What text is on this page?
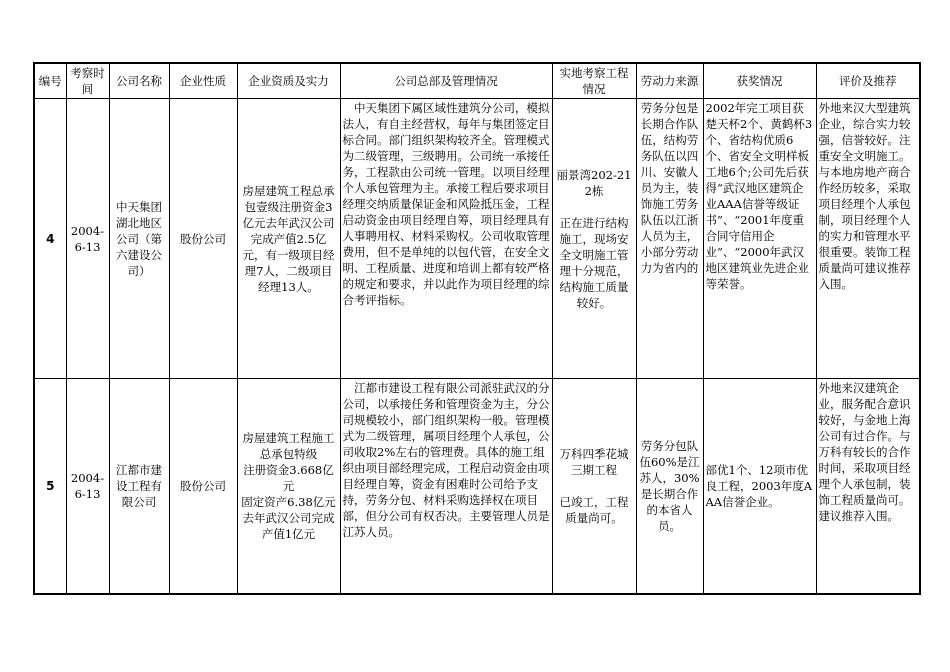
编号	考察时间	公司名称	企业性质	企业资质及实力	公司总部及管理情况	实地考察工程情况	劳动力来源	获奖情况	评价及推荐
4	2004-6-13	中天集团湖北地区公司（第六建设公司）	股份公司	房屋建筑工程总承包壹级注册资金3亿元去年武汉公司完成产值2.5亿元，有一级项目经理7人，二级项目经理13人。	中天集团下属区域性建筑分公司，模拟法人，有自主经营权，每年与集团签定目标合同。部门组织架构较齐全。管理模式为二级管理，三级聘用。公司统一承接任务，工程款由公司统一管理。以项目经理个人承包管理为主。承接工程后要求项目经理交纳质量保证金和风险抵压金，工程启动资金由项目经理自筹，项目经理具有人事聘用权、材料采购权。公司收取管理费用，但不是单纯的以包代管，在安全文明、工程质量、进度和培训上都有较严格的规定和要求，并以此作为项目经理的综合考评指标。	丽景湾202-212栋

正在进行结构施工，现场安全文明施工管理十分规范，结构施工质量较好。	劳务分包是长期合作队伍，结构劳务队伍以四川、安徽人员为主，装饰施工劳务队伍以江浙人员为主，小部分劳动力为省内的	2002年完工项目获楚天杯2个、黄鹤杯3个、省结构优质6个、省安全文明样板工地6个;公司先后获得“武汉地区建筑企业AAA信誉等级证书”、“2001年度重合同守信用企业”、“2000年武汉地区建筑业先进企业等荣誉。	外地来汉大型建筑企业，综合实力较强，信誉较好。注重安全文明施工。与本地房地产商合作经历较多，采取项目经理个人承包制，项目经理个人的实力和管理水平很重要。装饰工程质量尚可建议推荐入围。
5	2004-6-13	江都市建设工程有限公司	股份公司	房屋建筑工程施工总承包特级
注册资金3.668亿元
固定资产6.38亿元
去年武汉公司完成产值1亿元	江都市建设工程有限公司派驻武汉的分公司，以承接任务和管理资金为主，分公司规模较小，部门组织架构一般。管理模式为二级管理，属项目经理个人承包，公司收取2%左右的管理费。具体的施工组织由项目部经理完成，工程启动资金由项目经理自筹，资金有困难时公司给予支持，劳务分包、材料采购选择权在项目部，但分公司有权否决。主要管理人员是江苏人员。	万科四季花城三期工程

已竣工，工程质量尚可。	劳务分包队伍60%是江苏人，30%是长期合作的本省人员。	部优1个、12项市优良工程，2003年度AAA信誉企业。	外地来汉建筑企业，服务配合意识较好，与金地上海公司有过合作。与万科有较长的合作时间，采取项目经理个人承包制，装饰工程质量尚可。建议推荐入围。
